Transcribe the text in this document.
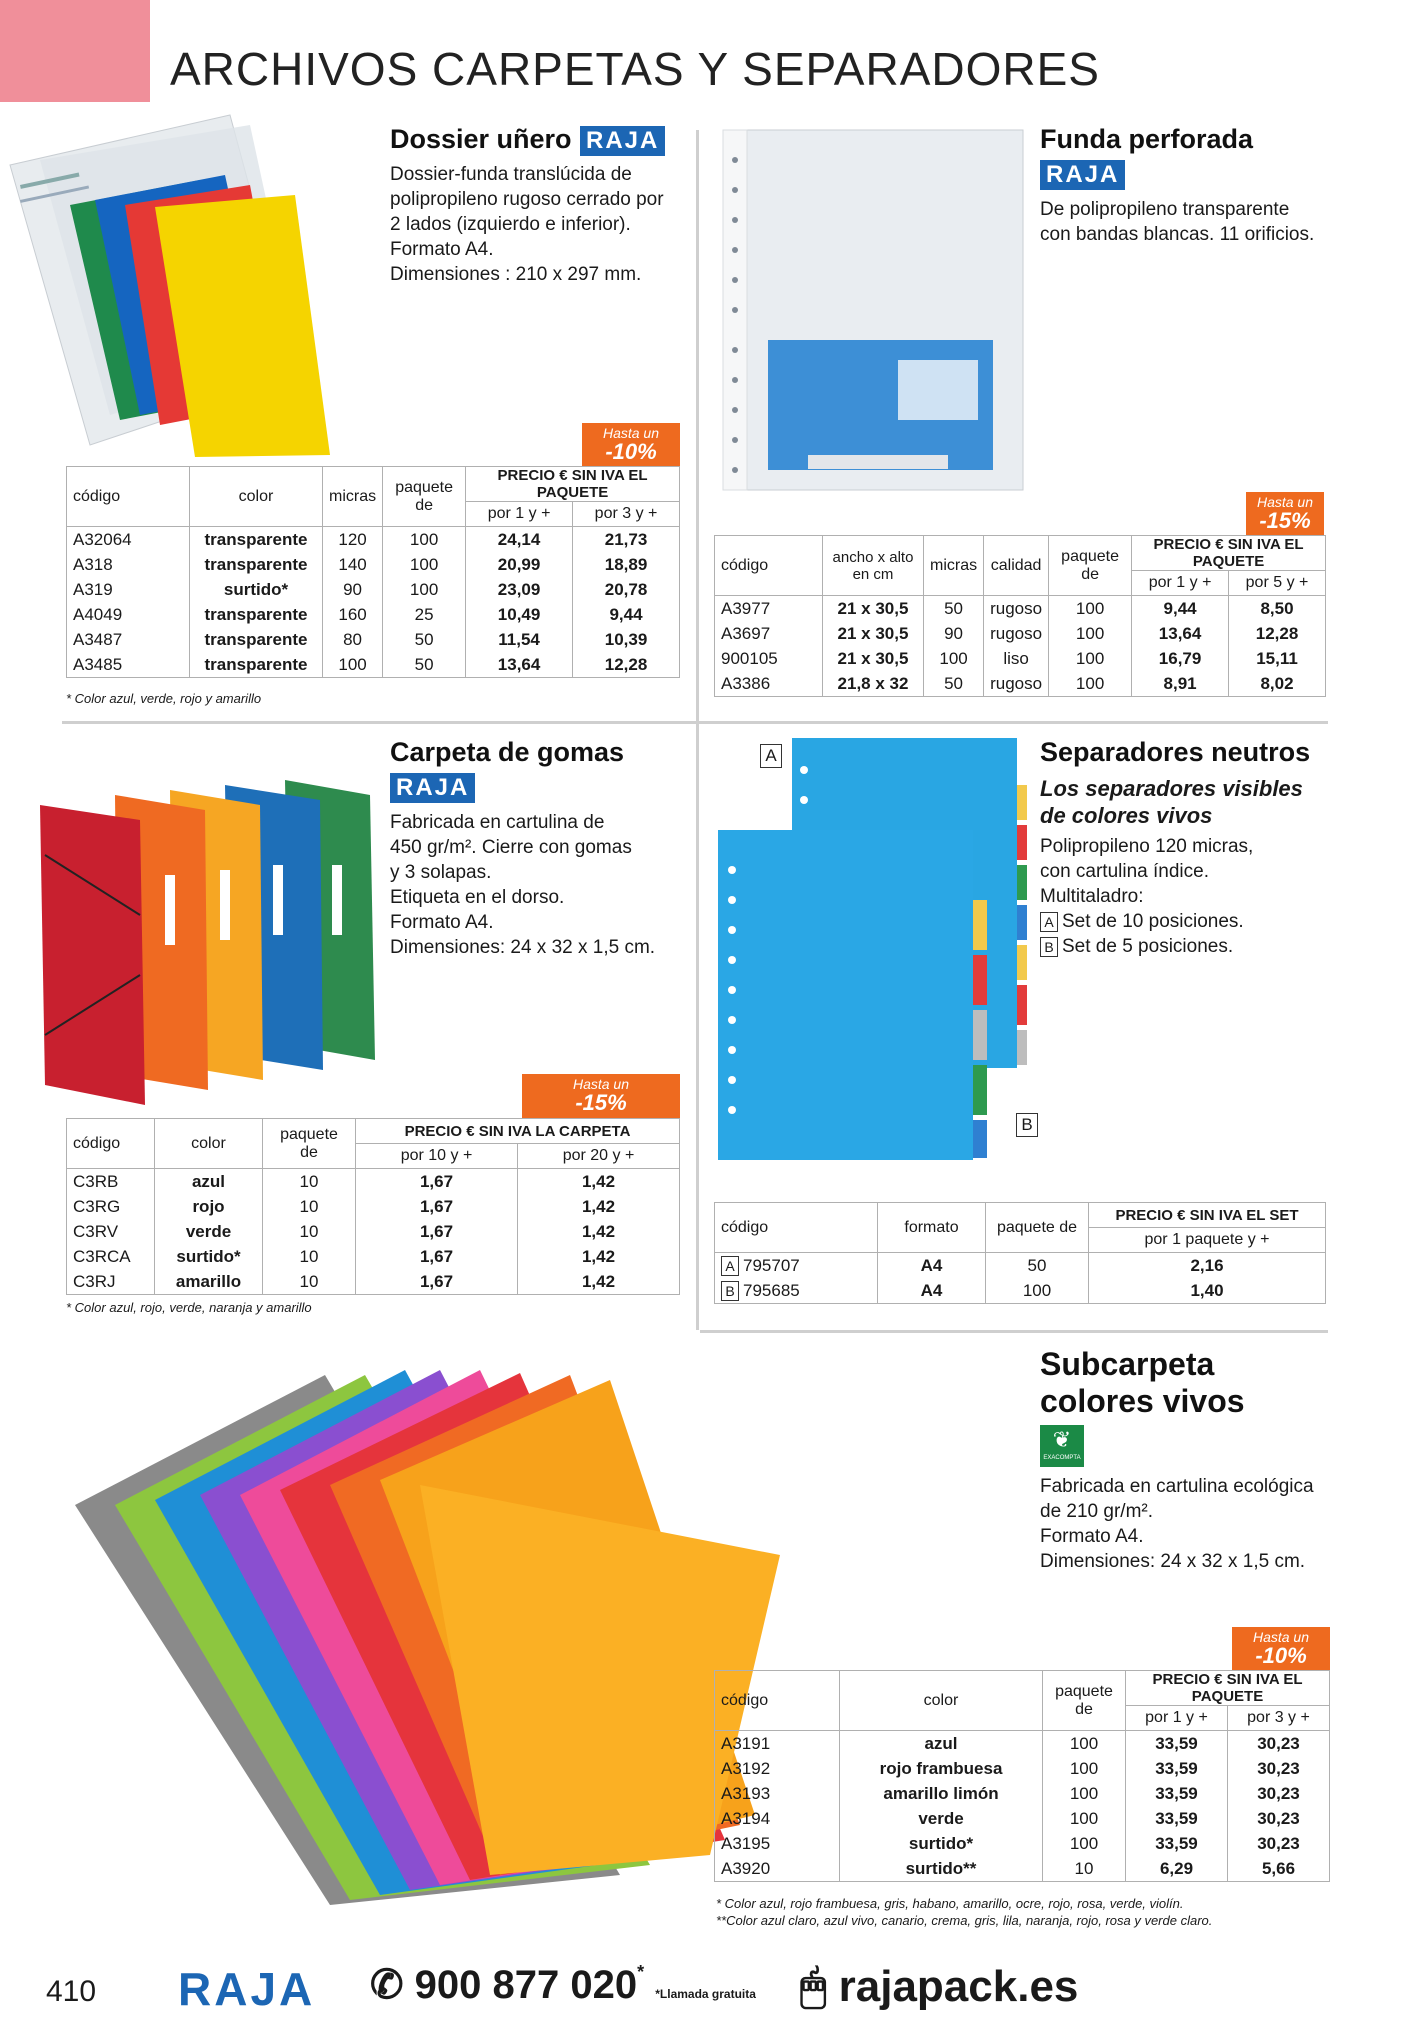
ARCHIVOS CARPETAS Y SEPARADORES
Dossier uñero RAJA
Dossier-funda translúcida de
polipropileno rugoso cerrado por
2 lados (izquierdo e inferior).
Formato A4.
Dimensiones : 210 x 297 mm.
Hasta un
-10%
código	color	micras	paquete de	PRECIO € SIN IVA EL PAQUETE	
				por 1 y +	por 3 y +
A32064	transparente	120	100	24,14	21,73
A318	transparente	140	100	20,99	18,89
A319	surtido*	90	100	23,09	20,78
A4049	transparente	160	25	10,49	9,44
A3487	transparente	80	50	11,54	10,39
A3485	transparente	100	50	13,64	12,28
* Color azul, verde, rojo y amarillo
Funda perforada
RAJA
De polipropileno transparente
con bandas blancas. 11 orificios.
Hasta un
-15%
código	ancho x alto en cm	micras	calidad	paquete de	PRECIO € SIN IVA EL PAQUETE	
					por 1 y +	por 5 y +
A3977	21 x 30,5	50	rugoso	100	9,44	8,50
A3697	21 x 30,5	90	rugoso	100	13,64	12,28
900105	21 x 30,5	100	liso	100	16,79	15,11
A3386	21,8 x 32	50	rugoso	100	8,91	8,02
Carpeta de gomas
RAJA
Fabricada en cartulina de
450 gr/m². Cierre con gomas
y 3 solapas.
Etiqueta en el dorso.
Formato A4.
Dimensiones: 24 x 32 x 1,5 cm.
Hasta un
-15%
código	color	paquete de	PRECIO € SIN IVA LA CARPETA	
			por 10 y +	por 20 y +
C3RB	azul	10	1,67	1,42
C3RG	rojo	10	1,67	1,42
C3RV	verde	10	1,67	1,42
C3RCA	surtido*	10	1,67	1,42
C3RJ	amarillo	10	1,67	1,42
* Color azul, rojo, verde, naranja y amarillo
A
B
Separadores neutros
Los separadores visibles
de colores vivos
Polipropileno 120 micras,
con cartulina índice.
Multitaladro:
A Set de 10 posiciones.
B Set de 5 posiciones.
código	formato	paquete de	PRECIO € SIN IVA EL SET
			por 1 paquete y +
A 795707	A4	50	2,16
B 795685	A4	100	1,40
Subcarpeta
colores vivos
❦
EXACOMPTA
Fabricada en cartulina ecológica
de 210 gr/m².
Formato A4.
Dimensiones: 24 x 32 x 1,5 cm.
Hasta un
-10%
código	color	paquete de	PRECIO € SIN IVA EL PAQUETE	
			por 1 y +	por 3 y +
A3191	azul	100	33,59	30,23
A3192	rojo frambuesa	100	33,59	30,23
A3193	amarillo limón	100	33,59	30,23
A3194	verde	100	33,59	30,23
A3195	surtido*	100	33,59	30,23
A3920	surtido**	10	6,29	5,66
* Color azul, rojo frambuesa, gris, habano, amarillo, ocre, rojo, rosa, verde, violín.
**Color azul claro, azul vivo, canario, crema, gris, lila, naranja, rojo, rosa y verde claro.
410 RAJA ✆ 900 877 020* *Llamada gratuita 🖱 rajapack.es
